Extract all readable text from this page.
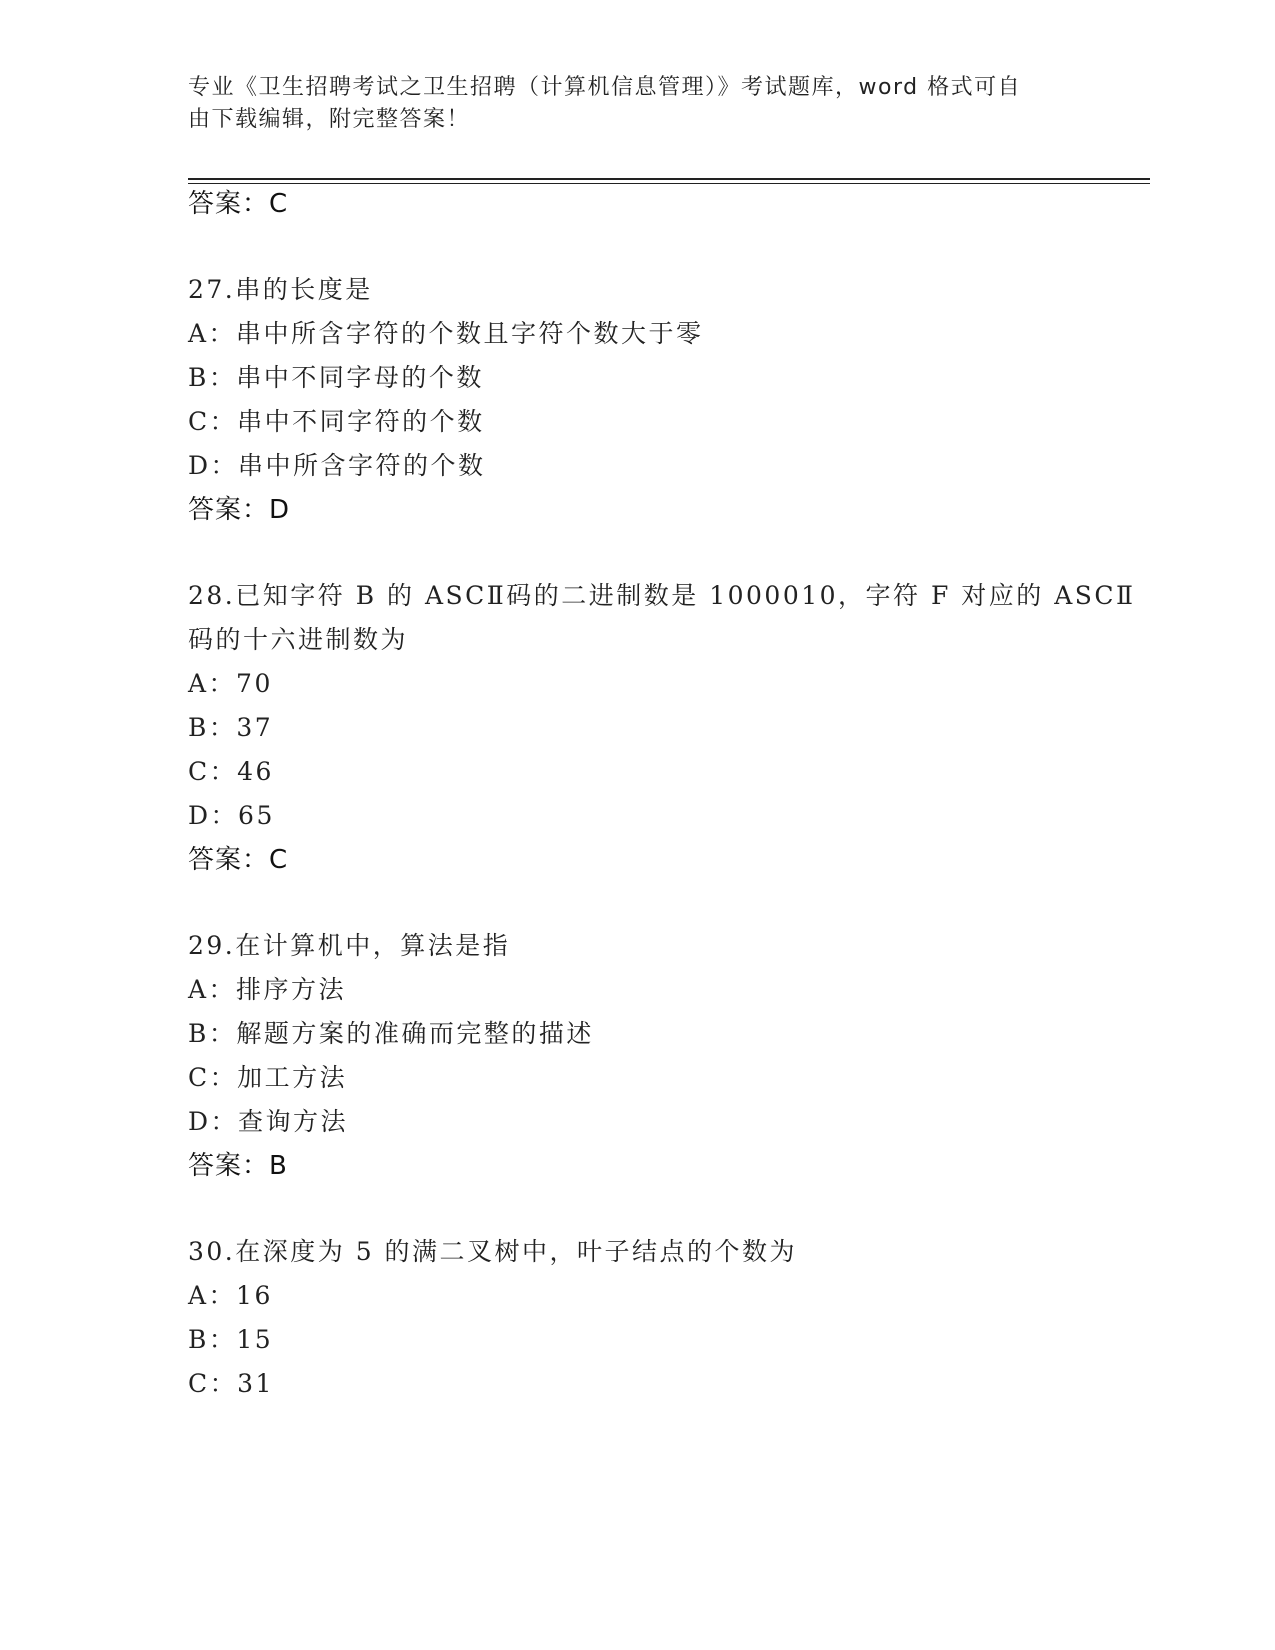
专业《卫生招聘考试之卫生招聘（计算机信息管理）》考试题库，word 格式可自
由下载编辑，附完整答案！
答案：C
27.串的长度是
A：串中所含字符的个数且字符个数大于零
B：串中不同字母的个数
C：串中不同字符的个数
D：串中所含字符的个数
答案：D
28.已知字符 B 的 ASCⅡ码的二进制数是 1000010，字符 F 对应的 ASCⅡ
码的十六进制数为
A：70
B：37
C：46
D：65
答案：C
29.在计算机中，算法是指
A：排序方法
B：解题方案的准确而完整的描述
C：加工方法
D：查询方法
答案：B
30.在深度为 5 的满二叉树中，叶子结点的个数为
A：16
B：15
C：31
